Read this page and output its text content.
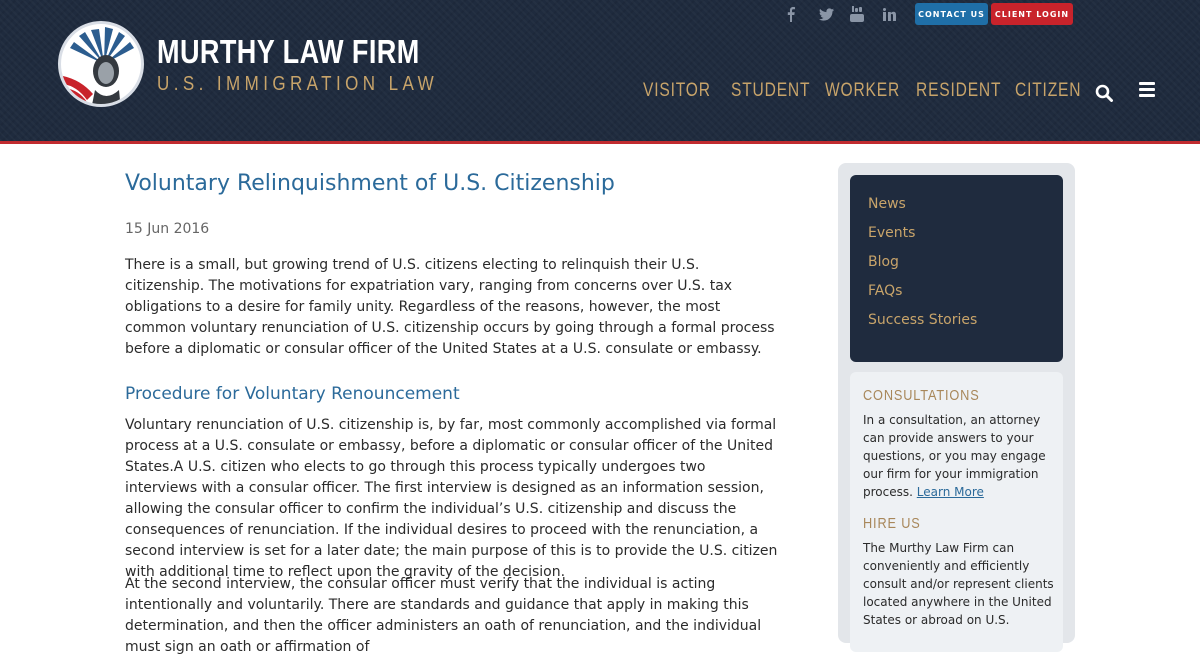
MURTHY LAW FIRM
U.S. IMMIGRATION LAW
CONTACT US	CLIENT LOGIN
VISITOR STUDENT WORKER RESIDENT CITIZEN
Voluntary Relinquishment of U.S. Citizenship
15 Jun 2016
There is a small, but growing trend of U.S. citizens electing to relinquish their U.S. citizenship. The motivations for expatriation vary, ranging from concerns over U.S. tax obligations to a desire for family unity. Regardless of the reasons, however, the most common voluntary renunciation of U.S. citizenship occurs by going through a formal process before a diplomatic or consular officer of the United States at a U.S. consulate or embassy.
Procedure for Voluntary Renouncement
Voluntary renunciation of U.S. citizenship is, by far, most commonly accomplished via formal process at a U.S. consulate or embassy, before a diplomatic or consular officer of the United States.A U.S. citizen who elects to go through this process typically undergoes two interviews with a consular officer. The first interview is designed as an information session, allowing the consular officer to confirm the individual’s U.S. citizenship and discuss the consequences of renunciation. If the individual desires to proceed with the renunciation, a second interview is set for a later date; the main purpose of this is to provide the U.S. citizen with additional time to reflect upon the gravity of the decision.
At the second interview, the consular officer must verify that the individual is acting intentionally and voluntarily. There are standards and guidance that apply in making this determination, and then the officer administers an oath of renunciation, and the individual must sign an oath or affirmation of
News
Events
Blog
FAQs
Success Stories
CONSULTATIONS
In a consultation, an attorney can provide answers to your questions, or you may engage our firm for your immigration process. Learn More
HIRE US
The Murthy Law Firm can conveniently and efficiently consult and/or represent clients located anywhere in the United States or abroad on U.S.
